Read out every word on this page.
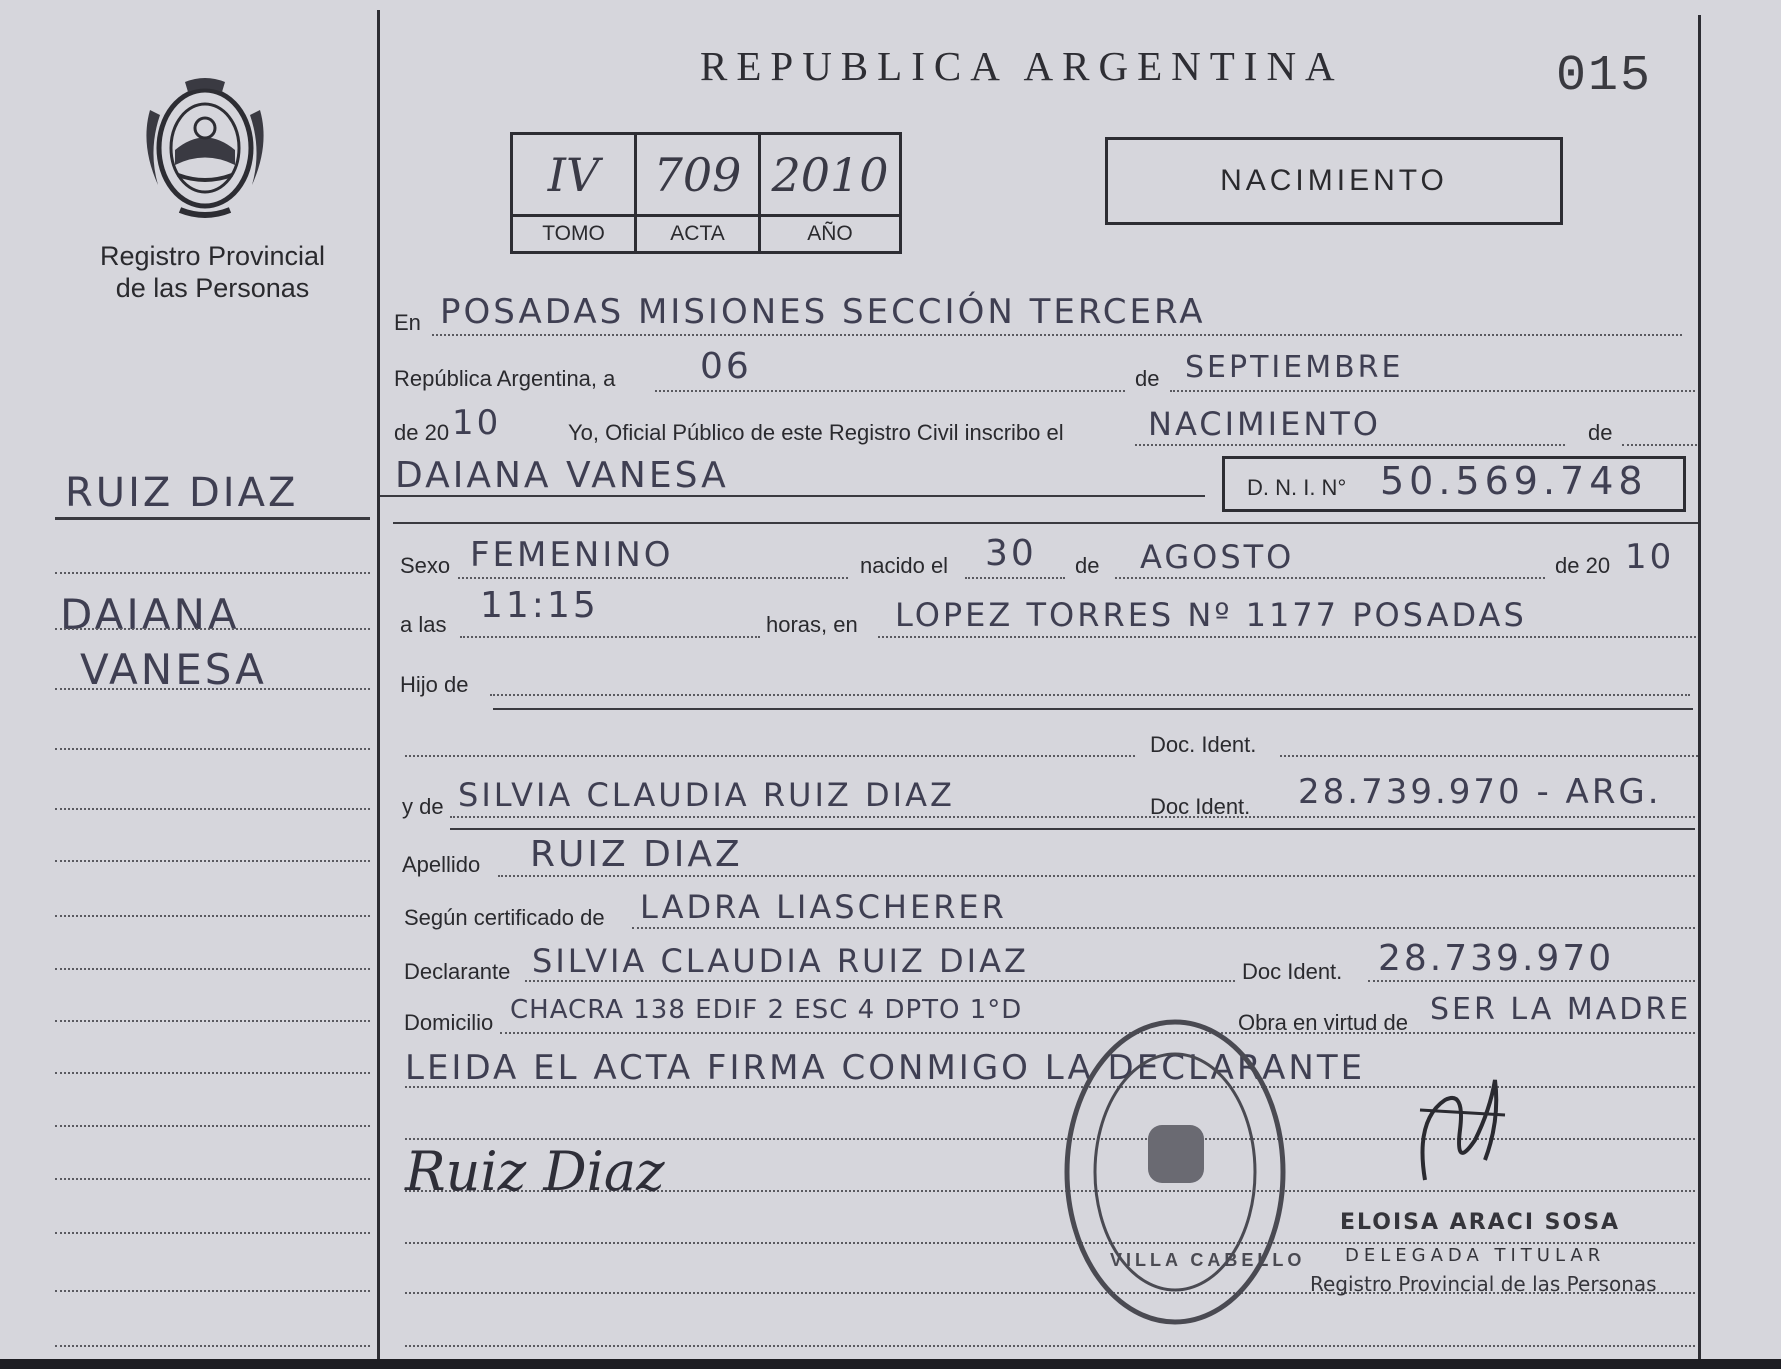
Registro Provincial
de las Personas
REPUBLICA ARGENTINA	015
IV	709 2010
TOMO	ACTA	AÑO
NACIMIENTO
RUIZ DIAZ
DAIANA
VANESA
En POSADAS MISIONES SECCIÓN TERCERA
República Argentina, a 06	de SEPTIEMBRE
de 20 10	Yo, Oficial Público de este Registro Civil inscribo el	NACIMIENTO	de
DAIANA VANESA	D. N. I. N° 50.569.748
Sexo FEMENINO	nacido el 30 de AGOSTO	de 20 10
a las 11:15	horas, en LOPEZ TORRES Nº 1177 POSADAS
Hijo de
Doc. Ident.
y de SILVIA CLAUDIA RUIZ DIAZ	Doc Ident. 28.739.970 - ARG.
Apellido RUIZ DIAZ
Según certificado de LADRA LIASCHERER
Declarante SILVIA CLAUDIA RUIZ DIAZ	Doc Ident. 28.739.970
Domicilio CHACRA 138 EDIF 2 ESC 4 DPTO 1°D	Obra en virtud de SER LA MADRE
LEIDA EL ACTA FIRMA CONMIGO LA DECLARANTE
Ruiz Diaz
VILLA CABELLO
ELOISA ARACI SOSA
DELEGADA TITULAR
Registro Provincial de las Personas
